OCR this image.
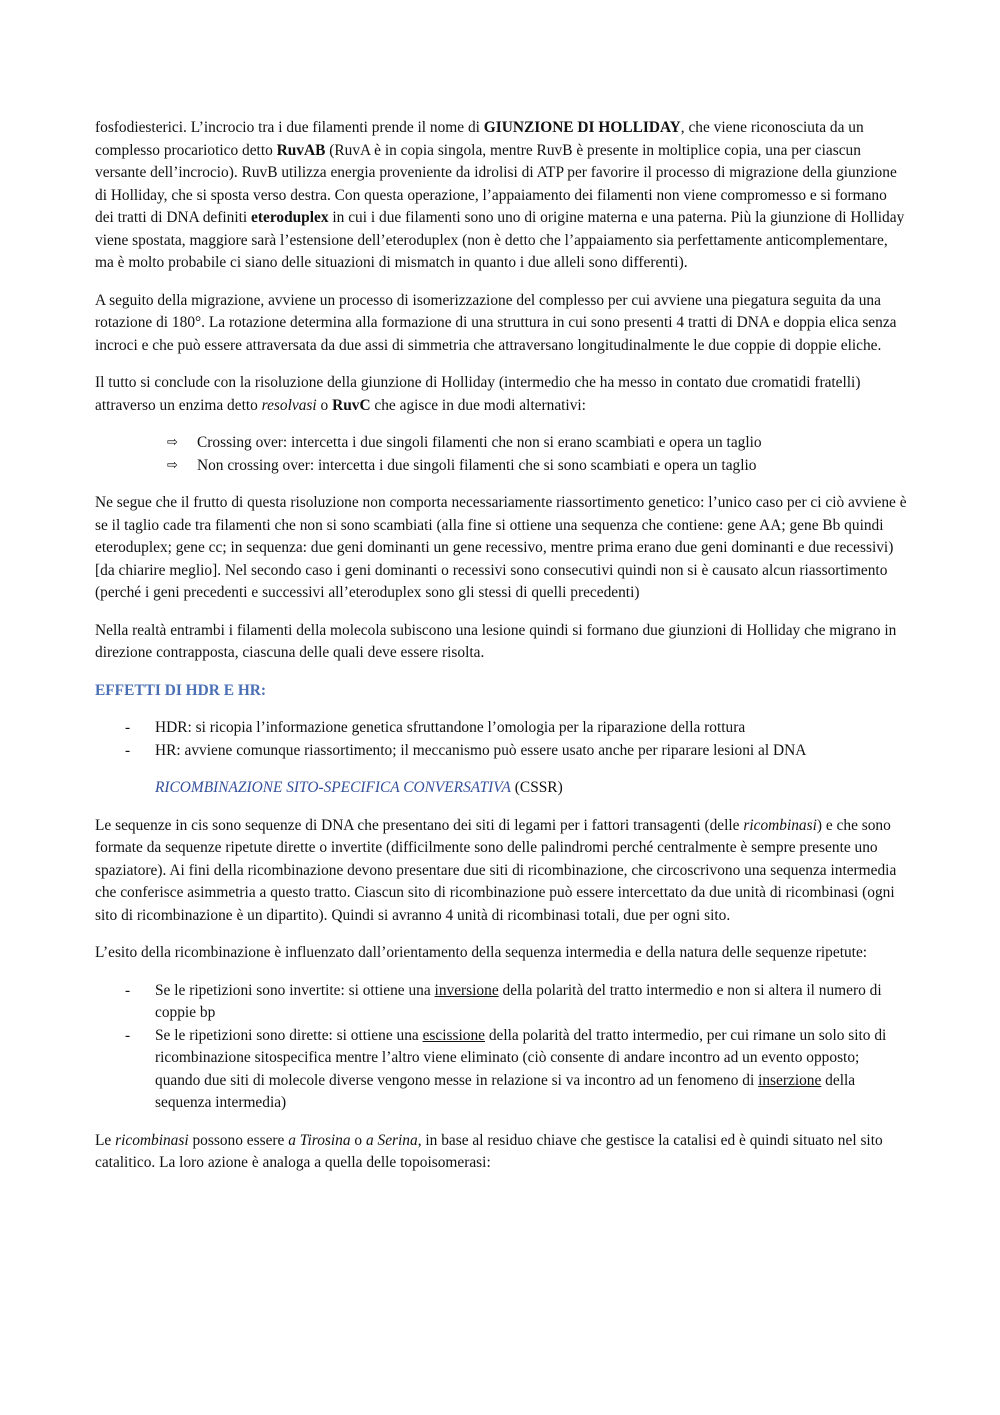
fosfodiesterici. L’incrocio tra i due filamenti prende il nome di GIUNZIONE DI HOLLIDAY, che viene riconosciuta da un complesso procariotico detto RuvAB (RuvA è in copia singola, mentre RuvB è presente in moltiplice copia, una per ciascun versante dell’incrocio). RuvB utilizza energia proveniente da idrolisi di ATP per favorire il processo di migrazione della giunzione di Holliday, che si sposta verso destra. Con questa operazione, l’appaiamento dei filamenti non viene compromesso e si formano dei tratti di DNA definiti eteroduplex in cui i due filamenti sono uno di origine materna e una paterna. Più la giunzione di Holliday viene spostata, maggiore sarà l’estensione dell’eteroduplex (non è detto che l’appaiamento sia perfettamente anticomplementare, ma è molto probabile ci siano delle situazioni di mismatch in quanto i due alleli sono differenti).

A seguito della migrazione, avviene un processo di isomerizzazione del complesso per cui avviene una piegatura seguita da una rotazione di 180°. La rotazione determina alla formazione di una struttura in cui sono presenti 4 tratti di DNA e doppia elica senza incroci e che può essere attraversata da due assi di simmetria che attraversano longitudinalmente le due coppie di doppie eliche.

Il tutto si conclude con la risoluzione della giunzione di Holliday (intermedio che ha messo in contato due cromatidi fratelli) attraverso un enzima detto resolvasi o RuvC che agisce in due modi alternativi:

⇨ Crossing over: intercetta i due singoli filamenti che non si erano scambiati e opera un taglio
⇨ Non crossing over: intercetta i due singoli filamenti che si sono scambiati e opera un taglio

Ne segue che il frutto di questa risoluzione non comporta necessariamente riassortimento genetico: l’unico caso per ci ciò avviene è se il taglio cade tra filamenti che non si sono scambiati (alla fine si ottiene una sequenza che contiene: gene AA; gene Bb quindi eteroduplex; gene cc; in sequenza: due geni dominanti un gene recessivo, mentre prima erano due geni dominanti e due recessivi) [da chiarire meglio]. Nel secondo caso i geni dominanti o recessivi sono consecutivi quindi non si è causato alcun riassortimento (perché i geni precedenti e successivi all’eteroduplex sono gli stessi di quelli precedenti)

Nella realtà entrambi i filamenti della molecola subiscono una lesione quindi si formano due giunzioni di Holliday che migrano in direzione contrapposta, ciascuna delle quali deve essere risolta.

EFFETTI DI HDR E HR:
- HDR: si ricopia l’informazione genetica sfruttandone l’omologia per la riparazione della rottura
- HR: avviene comunque riassortimento; il meccanismo può essere usato anche per riparare lesioni al DNA
RICOMBINAZIONE SITO-SPECIFICA CONVERSATIVA (CSSR)

Le sequenze in cis sono sequenze di DNA che presentano dei siti di legami per i fattori transagenti (delle ricombinasi) e che sono formate da sequenze ripetute dirette o invertite (difficilmente sono delle palindromi perché centralmente è sempre presente uno spaziatore). Ai fini della ricombinazione devono presentare due siti di ricombinazione, che circoscrivono una sequenza intermedia che conferisce asimmetria a questo tratto. Ciascun sito di ricombinazione può essere intercettato da due unità di ricombinasi (ogni sito di ricombinazione è un dipartito). Quindi si avranno 4 unità di ricombinasi totali, due per ogni sito.

L’esito della ricombinazione è influenzato dall’orientamento della sequenza intermedia e della natura delle sequenze ripetute:

- Se le ripetizioni sono invertite: si ottiene una inversione della polarità del tratto intermedio e non si altera il numero di coppie bp
- Se le ripetizioni sono dirette: si ottiene una escissione della polarità del tratto intermedio, per cui rimane un solo sito di ricombinazione sitospecifica mentre l’altro viene eliminato (ciò consente di andare incontro ad un evento opposto; quando due siti di molecole diverse vengono messe in relazione si va incontro ad un fenomeno di inserzione della sequenza intermedia)

Le ricombinasi possono essere a Tirosina o a Serina, in base al residuo chiave che gestisce la catalisi ed è quindi situato nel sito catalitico. La loro azione è analoga a quella delle topoisomerasi:
